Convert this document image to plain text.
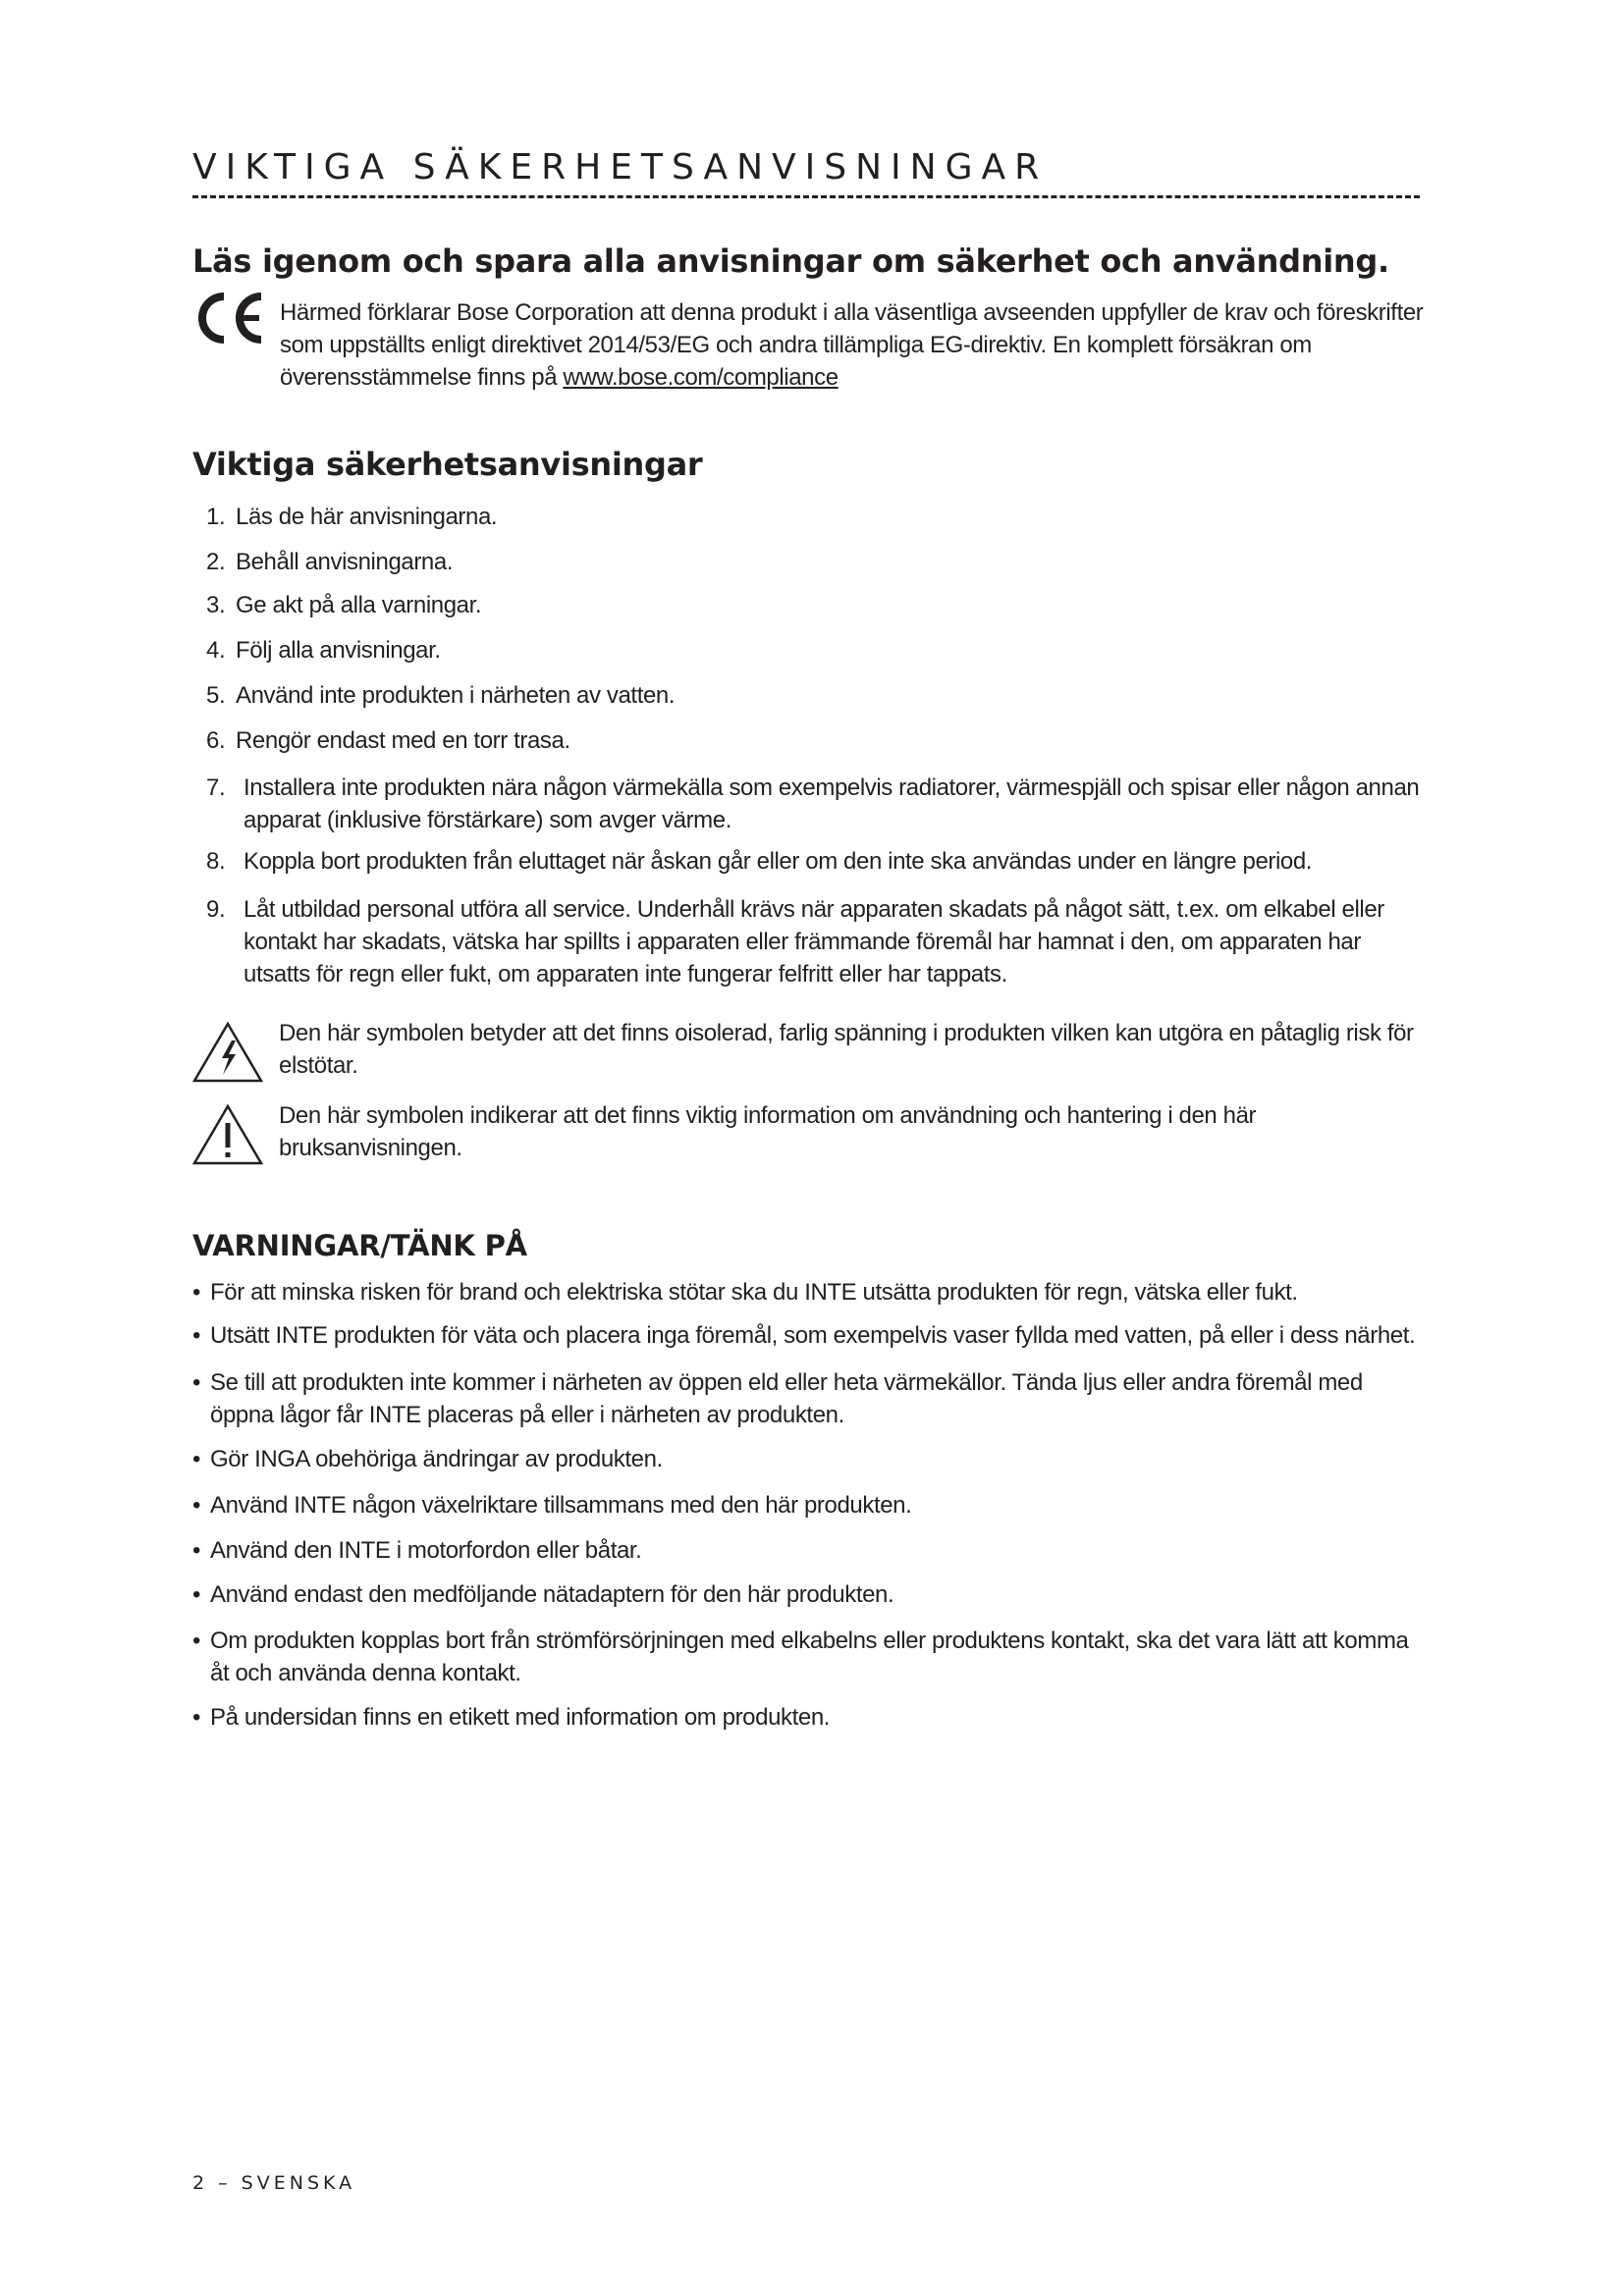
VIKTIGA SÄKERHETSANVISNINGAR
Läs igenom och spara alla anvisningar om säkerhet och användning.
Härmed förklarar Bose Corporation att denna produkt i alla väsentliga avseenden uppfyller de krav och föreskrifter som uppställts enligt direktivet 2014/53/EG och andra tillämpliga EG-direktiv. En komplett försäkran om överensstämmelse finns på www.bose.com/compliance
Viktiga säkerhetsanvisningar
1. Läs de här anvisningarna.
2. Behåll anvisningarna.
3. Ge akt på alla varningar.
4. Följ alla anvisningar.
5. Använd inte produkten i närheten av vatten.
6. Rengör endast med en torr trasa.
7. Installera inte produkten nära någon värmekälla som exempelvis radiatorer, värmespjäll och spisar eller någon annan apparat (inklusive förstärkare) som avger värme.
8. Koppla bort produkten från eluttaget när åskan går eller om den inte ska användas under en längre period.
9. Låt utbildad personal utföra all service. Underhåll krävs när apparaten skadats på något sätt, t.ex. om elkabel eller kontakt har skadats, vätska har spillts i apparaten eller främmande föremål har hamnat i den, om apparaten har utsatts för regn eller fukt, om apparaten inte fungerar felfritt eller har tappats.
Den här symbolen betyder att det finns oisolerad, farlig spänning i produkten vilken kan utgöra en påtaglig risk för elstötar.
Den här symbolen indikerar att det finns viktig information om användning och hantering i den här bruksanvisningen.
VARNINGAR/TÄNK PÅ
• För att minska risken för brand och elektriska stötar ska du INTE utsätta produkten för regn, vätska eller fukt.
• Utsätt INTE produkten för väta och placera inga föremål, som exempelvis vaser fyllda med vatten, på eller i dess närhet.
• Se till att produkten inte kommer i närheten av öppen eld eller heta värmekällor. Tända ljus eller andra föremål med öppna lågor får INTE placeras på eller i närheten av produkten.
• Gör INGA obehöriga ändringar av produkten.
• Använd INTE någon växelriktare tillsammans med den här produkten.
• Använd den INTE i motorfordon eller båtar.
• Använd endast den medföljande nätadaptern för den här produkten.
• Om produkten kopplas bort från strömförsörjningen med elkabelns eller produktens kontakt, ska det vara lätt att komma åt och använda denna kontakt.
• På undersidan finns en etikett med information om produkten.
2 – SVENSKA
